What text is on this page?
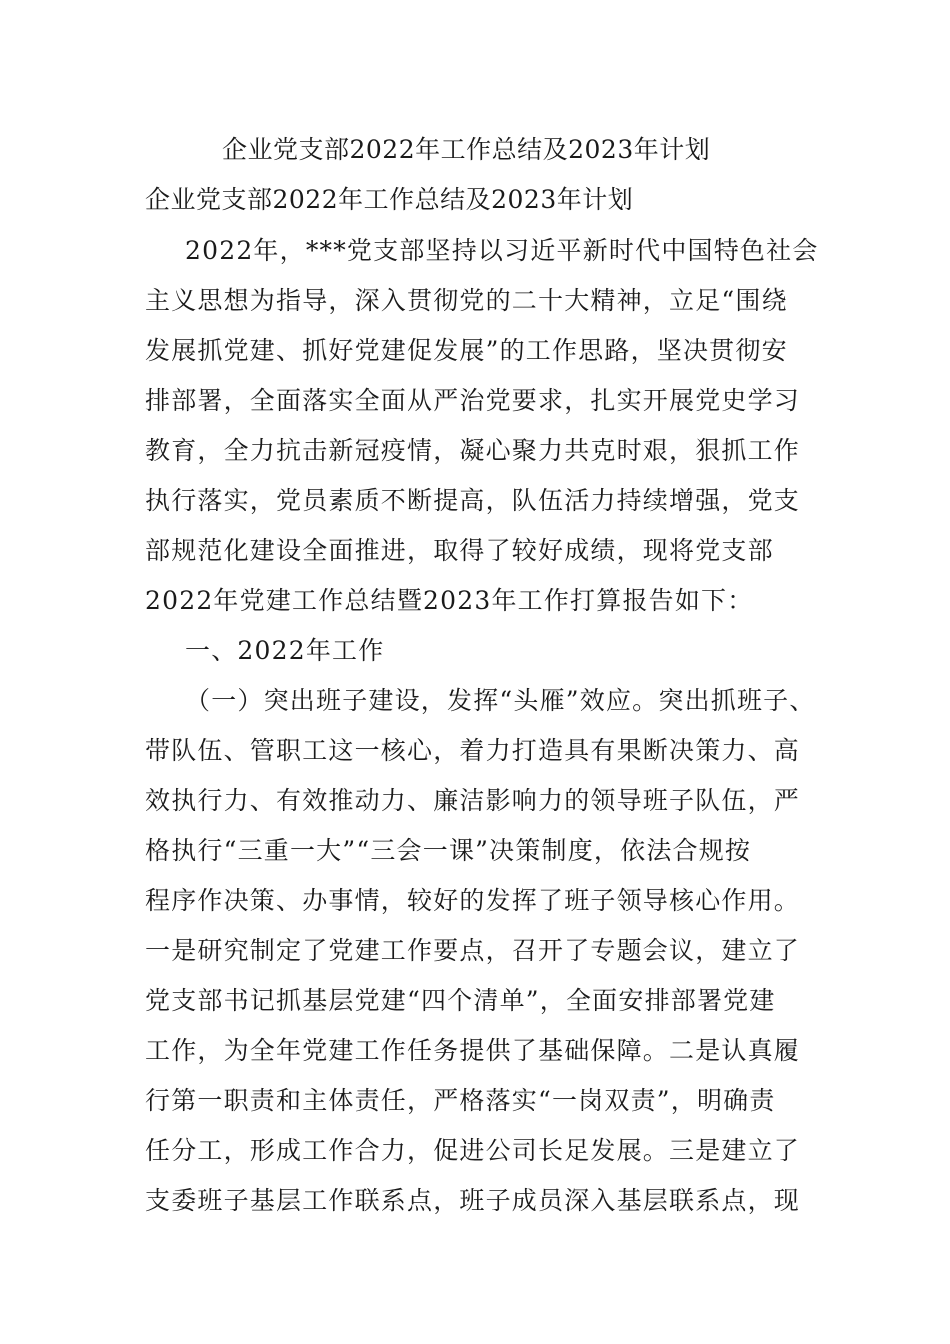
企业党支部2022年工作总结及2023年计划
企业党支部2022年工作总结及2023年计划
2022年，***党支部坚持以习近平新时代中国特色社会
主义思想为指导，深入贯彻党的二十大精神，立足“围绕
发展抓党建、抓好党建促发展”的工作思路，坚决贯彻安
排部署，全面落实全面从严治党要求，扎实开展党史学习
教育，全力抗击新冠疫情，凝心聚力共克时艰，狠抓工作
执行落实，党员素质不断提高，队伍活力持续增强，党支
部规范化建设全面推进，取得了较好成绩，现将党支部
2022年党建工作总结暨2023年工作打算报告如下：
一、2022年工作
（一）突出班子建设，发挥“头雁”效应。突出抓班子、
带队伍、管职工这一核心，着力打造具有果断决策力、高
效执行力、有效推动力、廉洁影响力的领导班子队伍，严
格执行“三重一大”“三会一课”决策制度，依法合规按
程序作决策、办事情，较好的发挥了班子领导核心作用。
一是研究制定了党建工作要点，召开了专题会议，建立了
党支部书记抓基层党建“四个清单”，全面安排部署党建
工作，为全年党建工作任务提供了基础保障。二是认真履
行第一职责和主体责任，严格落实“一岗双责”，明确责
任分工，形成工作合力，促进公司长足发展。三是建立了
支委班子基层工作联系点，班子成员深入基层联系点，现
